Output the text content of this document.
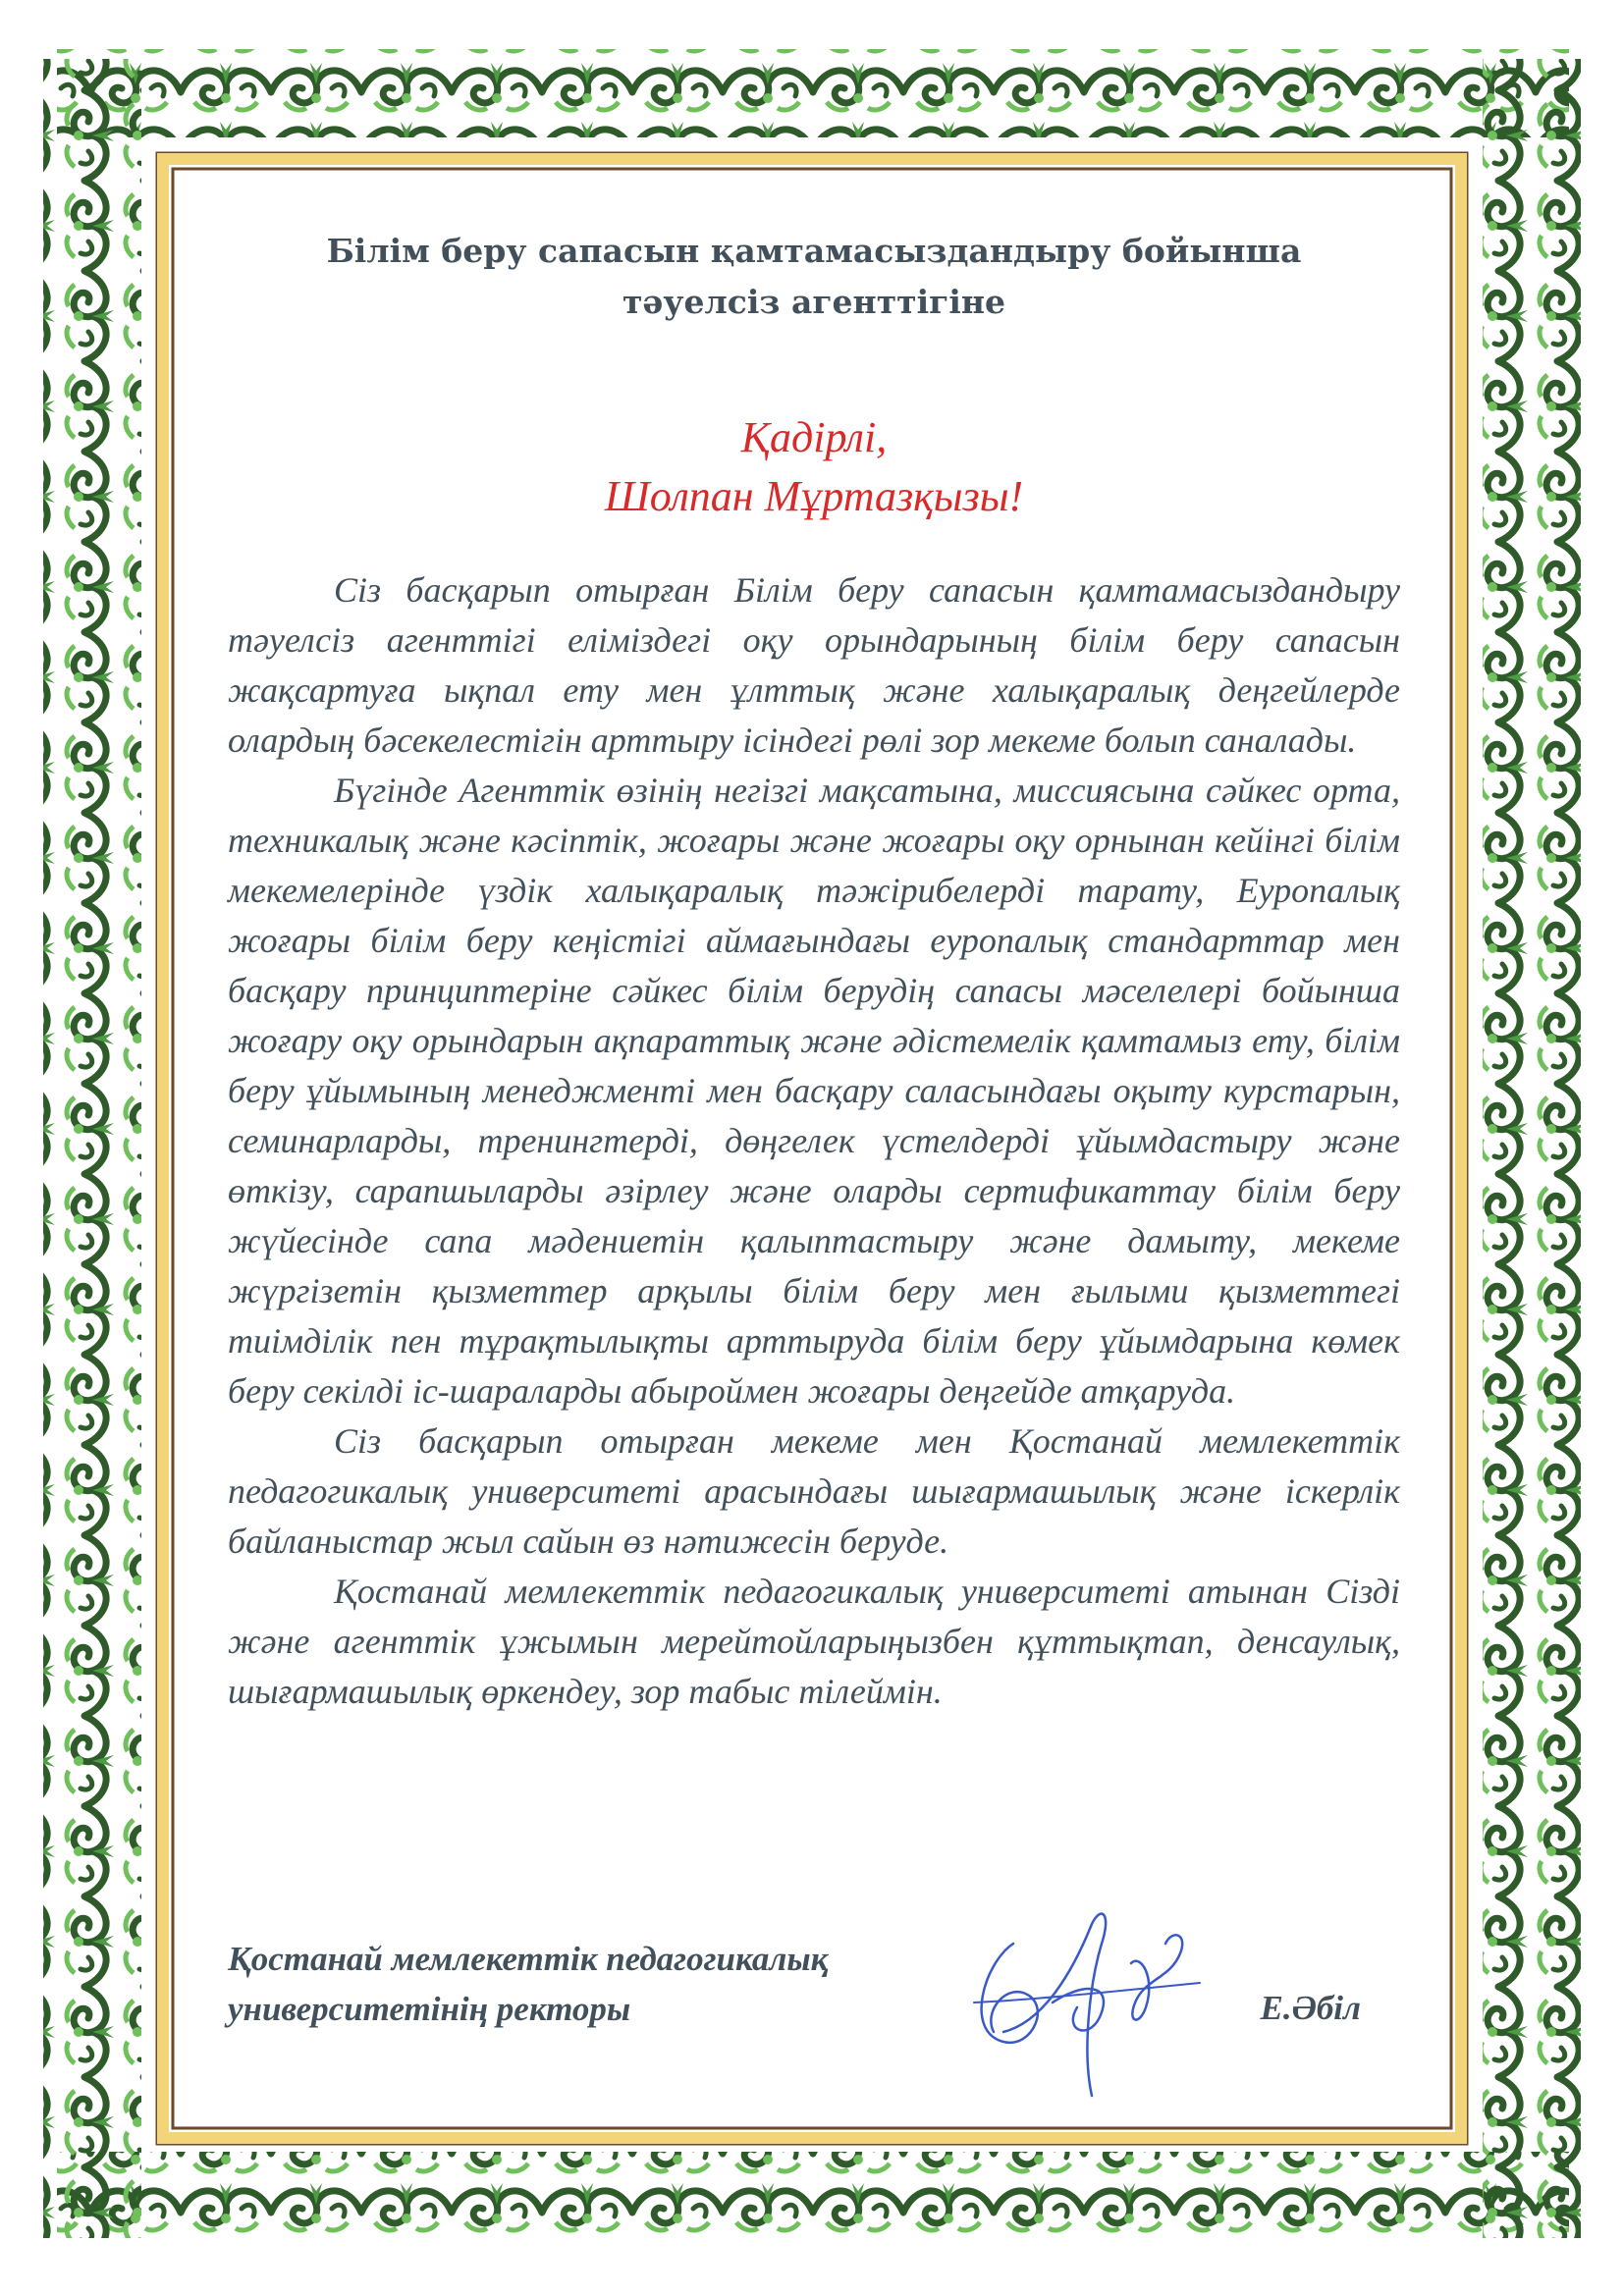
Білім беру сапасын қамтамасыздандыру бойынша
тәуелсіз агенттігіне

Қадірлі,
Шолпан Мұртазқызы!

Сіз басқарып отырған Білім беру сапасын қамтамасыздандыру тәуелсіз агенттігі еліміздегі оқу орындарының білім беру сапасын жақсартуға ықпал ету мен ұлттық және халықаралық деңгейлерде олардың бәсекелестігін арттыру ісіндегі рөлі зор мекеме болып саналады.

Бүгінде Агенттік өзінің негізгі мақсатына, миссиясына сәйкес орта, техникалық және кәсіптік, жоғары және жоғары оқу орнынан кейінгі білім мекемелерінде үздік халықаралық тәжірибелерді тарату, Еуропалық жоғары білім беру кеңістігі аймағындағы еуропалық стандарттар мен басқару принциптеріне сәйкес білім берудің сапасы мәселелері бойынша жоғару оқу орындарын ақпараттық және әдістемелік қамтамыз ету, білім беру ұйымының менеджменті мен басқару саласындағы оқыту курстарын, семинарларды, тренингтерді, дөңгелек үстелдерді ұйымдастыру және өткізу, сарапшыларды әзірлеу және оларды сертификаттау білім беру жүйесінде сапа мәдениетін қалыптастыру және дамыту, мекеме жүргізетін қызметтер арқылы білім беру мен ғылыми қызметтегі тиімділік пен тұрақтылықты арттыруда білім беру ұйымдарына көмек беру секілді іс-шараларды абыроймен жоғары деңгейде атқаруда.

Сіз басқарып отырған мекеме мен Қостанай мемлекеттік педагогикалық университеті арасындағы шығармашылық және іскерлік байланыстар жыл сайын өз нәтижесін беруде.

Қостанай мемлекеттік педагогикалық университеті атынан Сізді және агенттік ұжымын мерейтойларыңызбен құттықтап, денсаулық, шығармашылық өркендеу, зор табыс тілеймін.

Қостанай мемлекеттік педагогикалық
университетінің ректоры	Е.Әбіл
